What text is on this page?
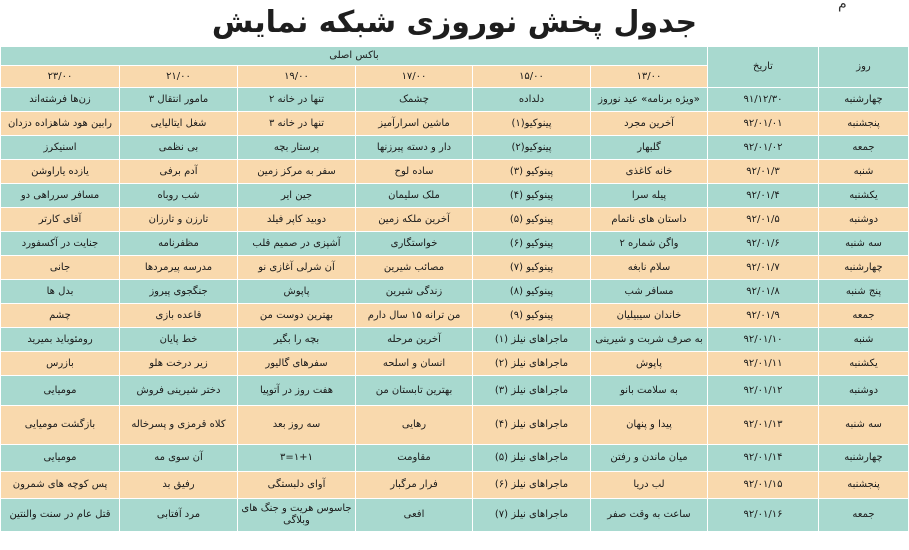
م
جدول پخش نوروزی شبکه نمایش
روز	تاریخ	باکس اصلی					
		۱۳/۰۰	۱۵/۰۰	۱۷/۰۰	۱۹/۰۰	۲۱/۰۰	۲۳/۰۰
چهارشنبه	۹۱/۱۲/۳۰	«ویژه برنامه» عید نوروز	دلداده	چشمک	تنها در خانه ۲	مامور انتقال ۳	زن‌ها فرشته‌اند
پنجشنبه	۹۲/۰۱/۰۱	آخرین مجرد	پینوکیو(۱)	ماشین اسرارآمیز	تنها در خانه ۳	شغل ایتالیایی	رابین هود شاهزاده دزدان
جمعه	۹۲/۰۱/۰۲	گلبهار	پینوکیو(۲)	دار و دسته پیرزنها	پرستار بچه	بی نظمی	اسنیکرز
شنبه	۹۲/۰۱/۳	خانه کاغذی	پینوکیو (۳)	ساده لوح	سفر به مرکز زمین	آدم برفی	یازده یاراوشن
یکشنبه	۹۲/۰۱/۴	پیله سرا	پینوکیو (۴)	ملک سلیمان	جین ایر	شب روباه	مسافر سرراهی دو
دوشنبه	۹۲/۰۱/۵	داستان های ناتمام	پینوکیو (۵)	آخرین ملکه زمین	دوبید کاپر فیلد	تارزن و تارزان	آقای کارتر
سه شنبه	۹۲/۰۱/۶	واگن شماره ۲	پینوکیو (۶)	خواستگاری	آشپزی در صمیم قلب	مظفرنامه	جنایت در آکسفورد
چهارشنبه	۹۲/۰۱/۷	سلام نابغه	پینوکیو (۷)	مصائب شیرین	آن شرلی آغازی نو	مدرسه پیرمردها	جانی
پنج شنبه	۹۲/۰۱/۸	مسافر شب	پینوکیو (۸)	زندگی شیرین	پاپوش	جنگجوی پیروز	بدل ها
جمعه	۹۲/۰۱/۹	خاندان سیبیلیان	پینوکیو (۹)	من ترانه ۱۵ سال دارم	بهترین دوست من	قاعده بازی	چشم
شنبه	۹۲/۰۱/۱۰	به صرف شربت و شیرینی	ماجراهای نیلز (۱)	آخرین مرحله	بچه را بگیر	خط پایان	رومئوباید بمیرید
یکشنبه	۹۲/۰۱/۱۱	پاپوش	ماجراهای نیلز (۲)	انسان و اسلحه	سفرهای گالیور	زیر درخت هلو	بازرس
دوشنبه	۹۲/۰۱/۱۲	به سلامت بانو	ماجراهای نیلز (۳)	بهترین تابستان من	هفت روز در آتوپیا	دختر شیرینی فروش	مومیایی
سه شنبه	۹۲/۰۱/۱۳	پیدا و پنهان	ماجراهای نیلز (۴)	رهایی	سه روز بعد	کلاه قرمزی و پسرخاله	بازگشت مومیایی
چهارشنبه	۹۲/۰۱/۱۴	میان ماندن و رفتن	ماجراهای نیلز (۵)	مقاومت	۱+۱=۳	آن سوی مه	مومیایی
پنجشنبه	۹۲/۰۱/۱۵	لب دریا	ماجراهای نیلز (۶)	فرار مرگبار	آوای دلبستگی	رفیق بد	پس کوچه های شمرون
جمعه	۹۲/۰۱/۱۶	ساعت به وقت صفر	ماجراهای نیلز (۷)	افعی	جاسوس هریت و جنگ های وبلاگی	مرد آفتابی	قتل عام در سنت والنتین
